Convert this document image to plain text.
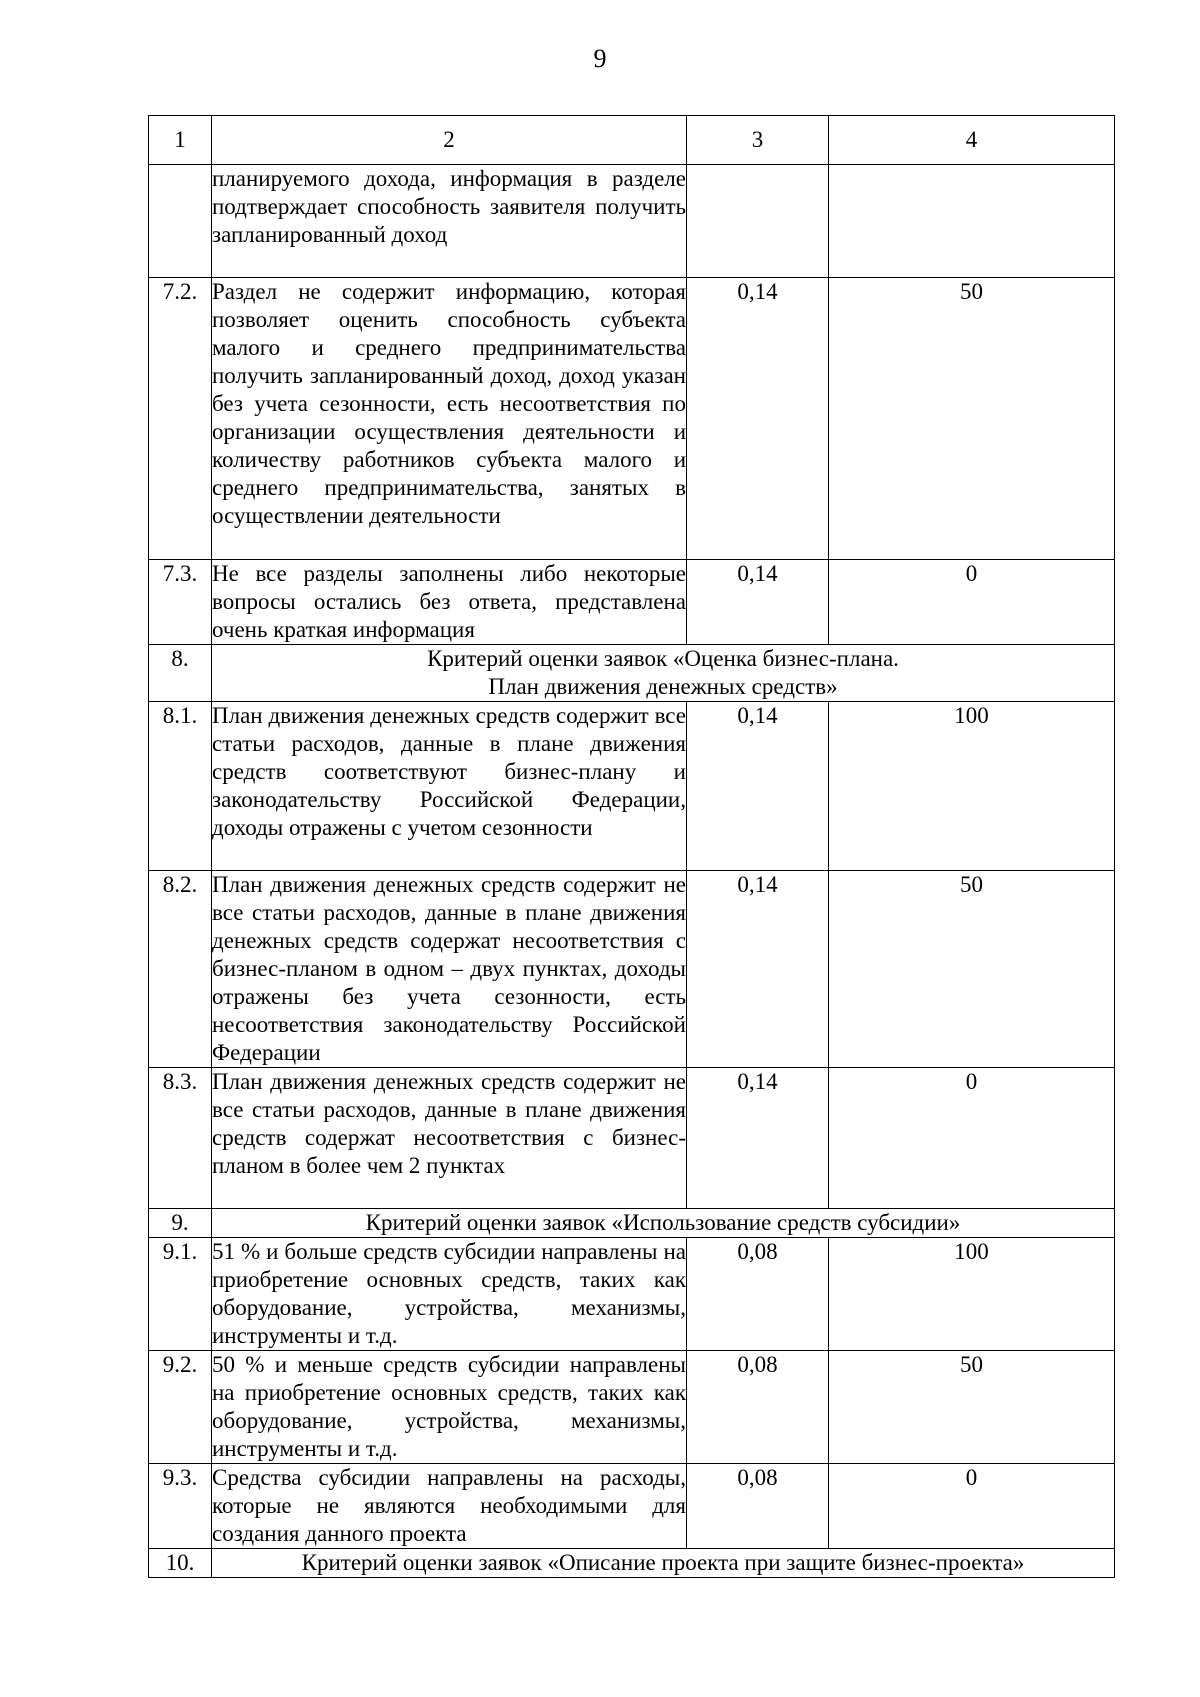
9
1	2	3	4

	планируемого дохода, информация в разделе подтверждает способность заявителя получить запланированный доход		

7.2.	Раздел не содержит информацию, которая позволяет оценить способность субъекта малого и среднего предпринимательства получить запланированный доход, доход указан без учета сезонности, есть несоответствия по организации осуществления деятельности и количеству работников субъекта малого и среднего предпринимательства, занятых в осуществлении деятельности	0,14	50
7.3.	Не все разделы заполнены либо некоторые вопросы остались без ответа, представлена очень краткая информация	0,14	0
8.	Критерий оценки заявок «Оценка бизнес-плана.
План движения денежных средств»		

8.1.	План движения денежных средств содержит все статьи расходов, данные в плане движения средств соответствуют бизнес-плану и законодательству Российской Федерации, доходы отражены с учетом сезонности	0,14	100
8.2.	План движения денежных средств содержит не все статьи расходов, данные в плане движения денежных средств содержат несоответствия с бизнес-планом в одном – двух пунктах, доходы отражены без учета сезонности, есть несоответствия законодательству Российской Федерации	0,14	50
8.3.	План движения денежных средств содержит не все статьи расходов, данные в плане движения средств содержат несоответствия с бизнес-планом в более чем 2 пунктах	0,14	0
9.	Критерий оценки заявок «Использование средств субсидии»		

9.1.	51 % и больше средств субсидии направлены на приобретение основных средств, таких как оборудование, устройства, механизмы, инструменты и т.д.	0,08	100
9.2.	50 % и меньше средств субсидии направлены на приобретение основных средств, таких как оборудование, устройства, механизмы, инструменты и т.д.	0,08	50
9.3.	Средства субсидии направлены на расходы, которые не являются необходимыми для создания данного проекта	0,08	0
10.	Критерий оценки заявок «Описание проекта при защите бизнес-проекта»		
